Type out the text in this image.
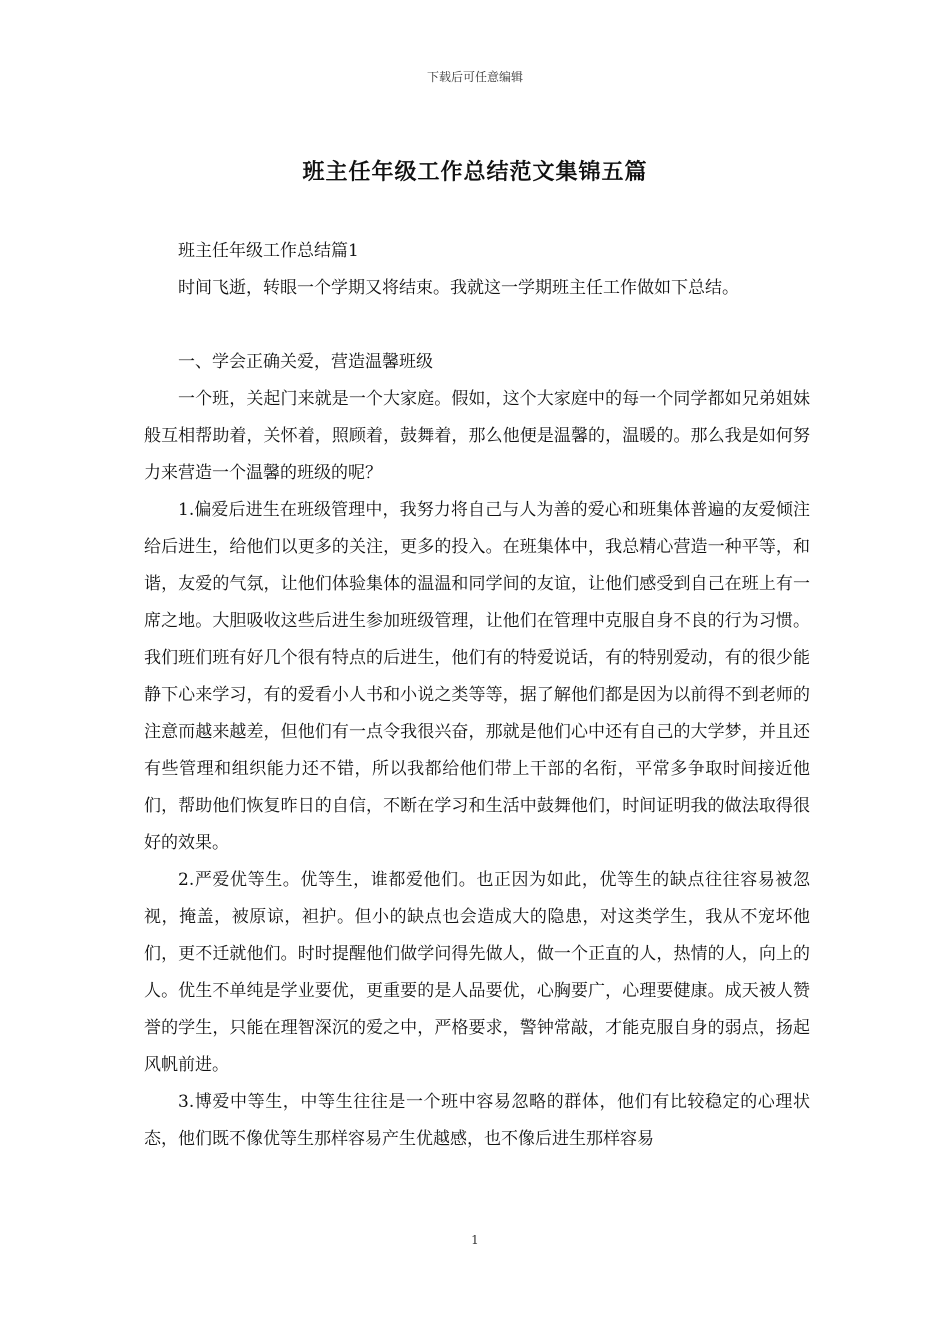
下载后可任意编辑
班主任年级工作总结范文集锦五篇

班主任年级工作总结篇1

时间飞逝，转眼一个学期又将结束。我就这一学期班主任工作做如下总结。

一、学会正确关爱，营造温馨班级

一个班，关起门来就是一个大家庭。假如，这个大家庭中的每一个同学都如兄弟姐妹般互相帮助着，关怀着，照顾着，鼓舞着，那么他便是温馨的，温暖的。那么我是如何努力来营造一个温馨的班级的呢？

1.偏爱后进生在班级管理中，我努力将自己与人为善的爱心和班集体普遍的友爱倾注给后进生，给他们以更多的关注，更多的投入。在班集体中，我总精心营造一种平等，和谐，友爱的气氛，让他们体验集体的温温和同学间的友谊，让他们感受到自己在班上有一席之地。大胆吸收这些后进生参加班级管理，让他们在管理中克服自身不良的行为习惯。我们班们班有好几个很有特点的后进生，他们有的特爱说话，有的特别爱动，有的很少能静下心来学习，有的爱看小人书和小说之类等等，据了解他们都是因为以前得不到老师的注意而越来越差，但他们有一点令我很兴奋，那就是他们心中还有自己的大学梦，并且还有些管理和组织能力还不错，所以我都给他们带上干部的名衔，平常多争取时间接近他们，帮助他们恢复昨日的自信，不断在学习和生活中鼓舞他们，时间证明我的做法取得很好的效果。

2.严爱优等生。优等生，谁都爱他们。也正因为如此，优等生的缺点往往容易被忽视，掩盖，被原谅，袒护。但小的缺点也会造成大的隐患，对这类学生，我从不宠坏他们，更不迁就他们。时时提醒他们做学问得先做人，做一个正直的人，热情的人，向上的人。优生不单纯是学业要优，更重要的是人品要优，心胸要广，心理要健康。成天被人赞誉的学生，只能在理智深沉的爱之中，严格要求，警钟常敲，才能克服自身的弱点，扬起风帆前进。

3.博爱中等生，中等生往往是一个班中容易忽略的群体，他们有比较稳定的心理状态，他们既不像优等生那样容易产生优越感，也不像后进生那样容易

1
